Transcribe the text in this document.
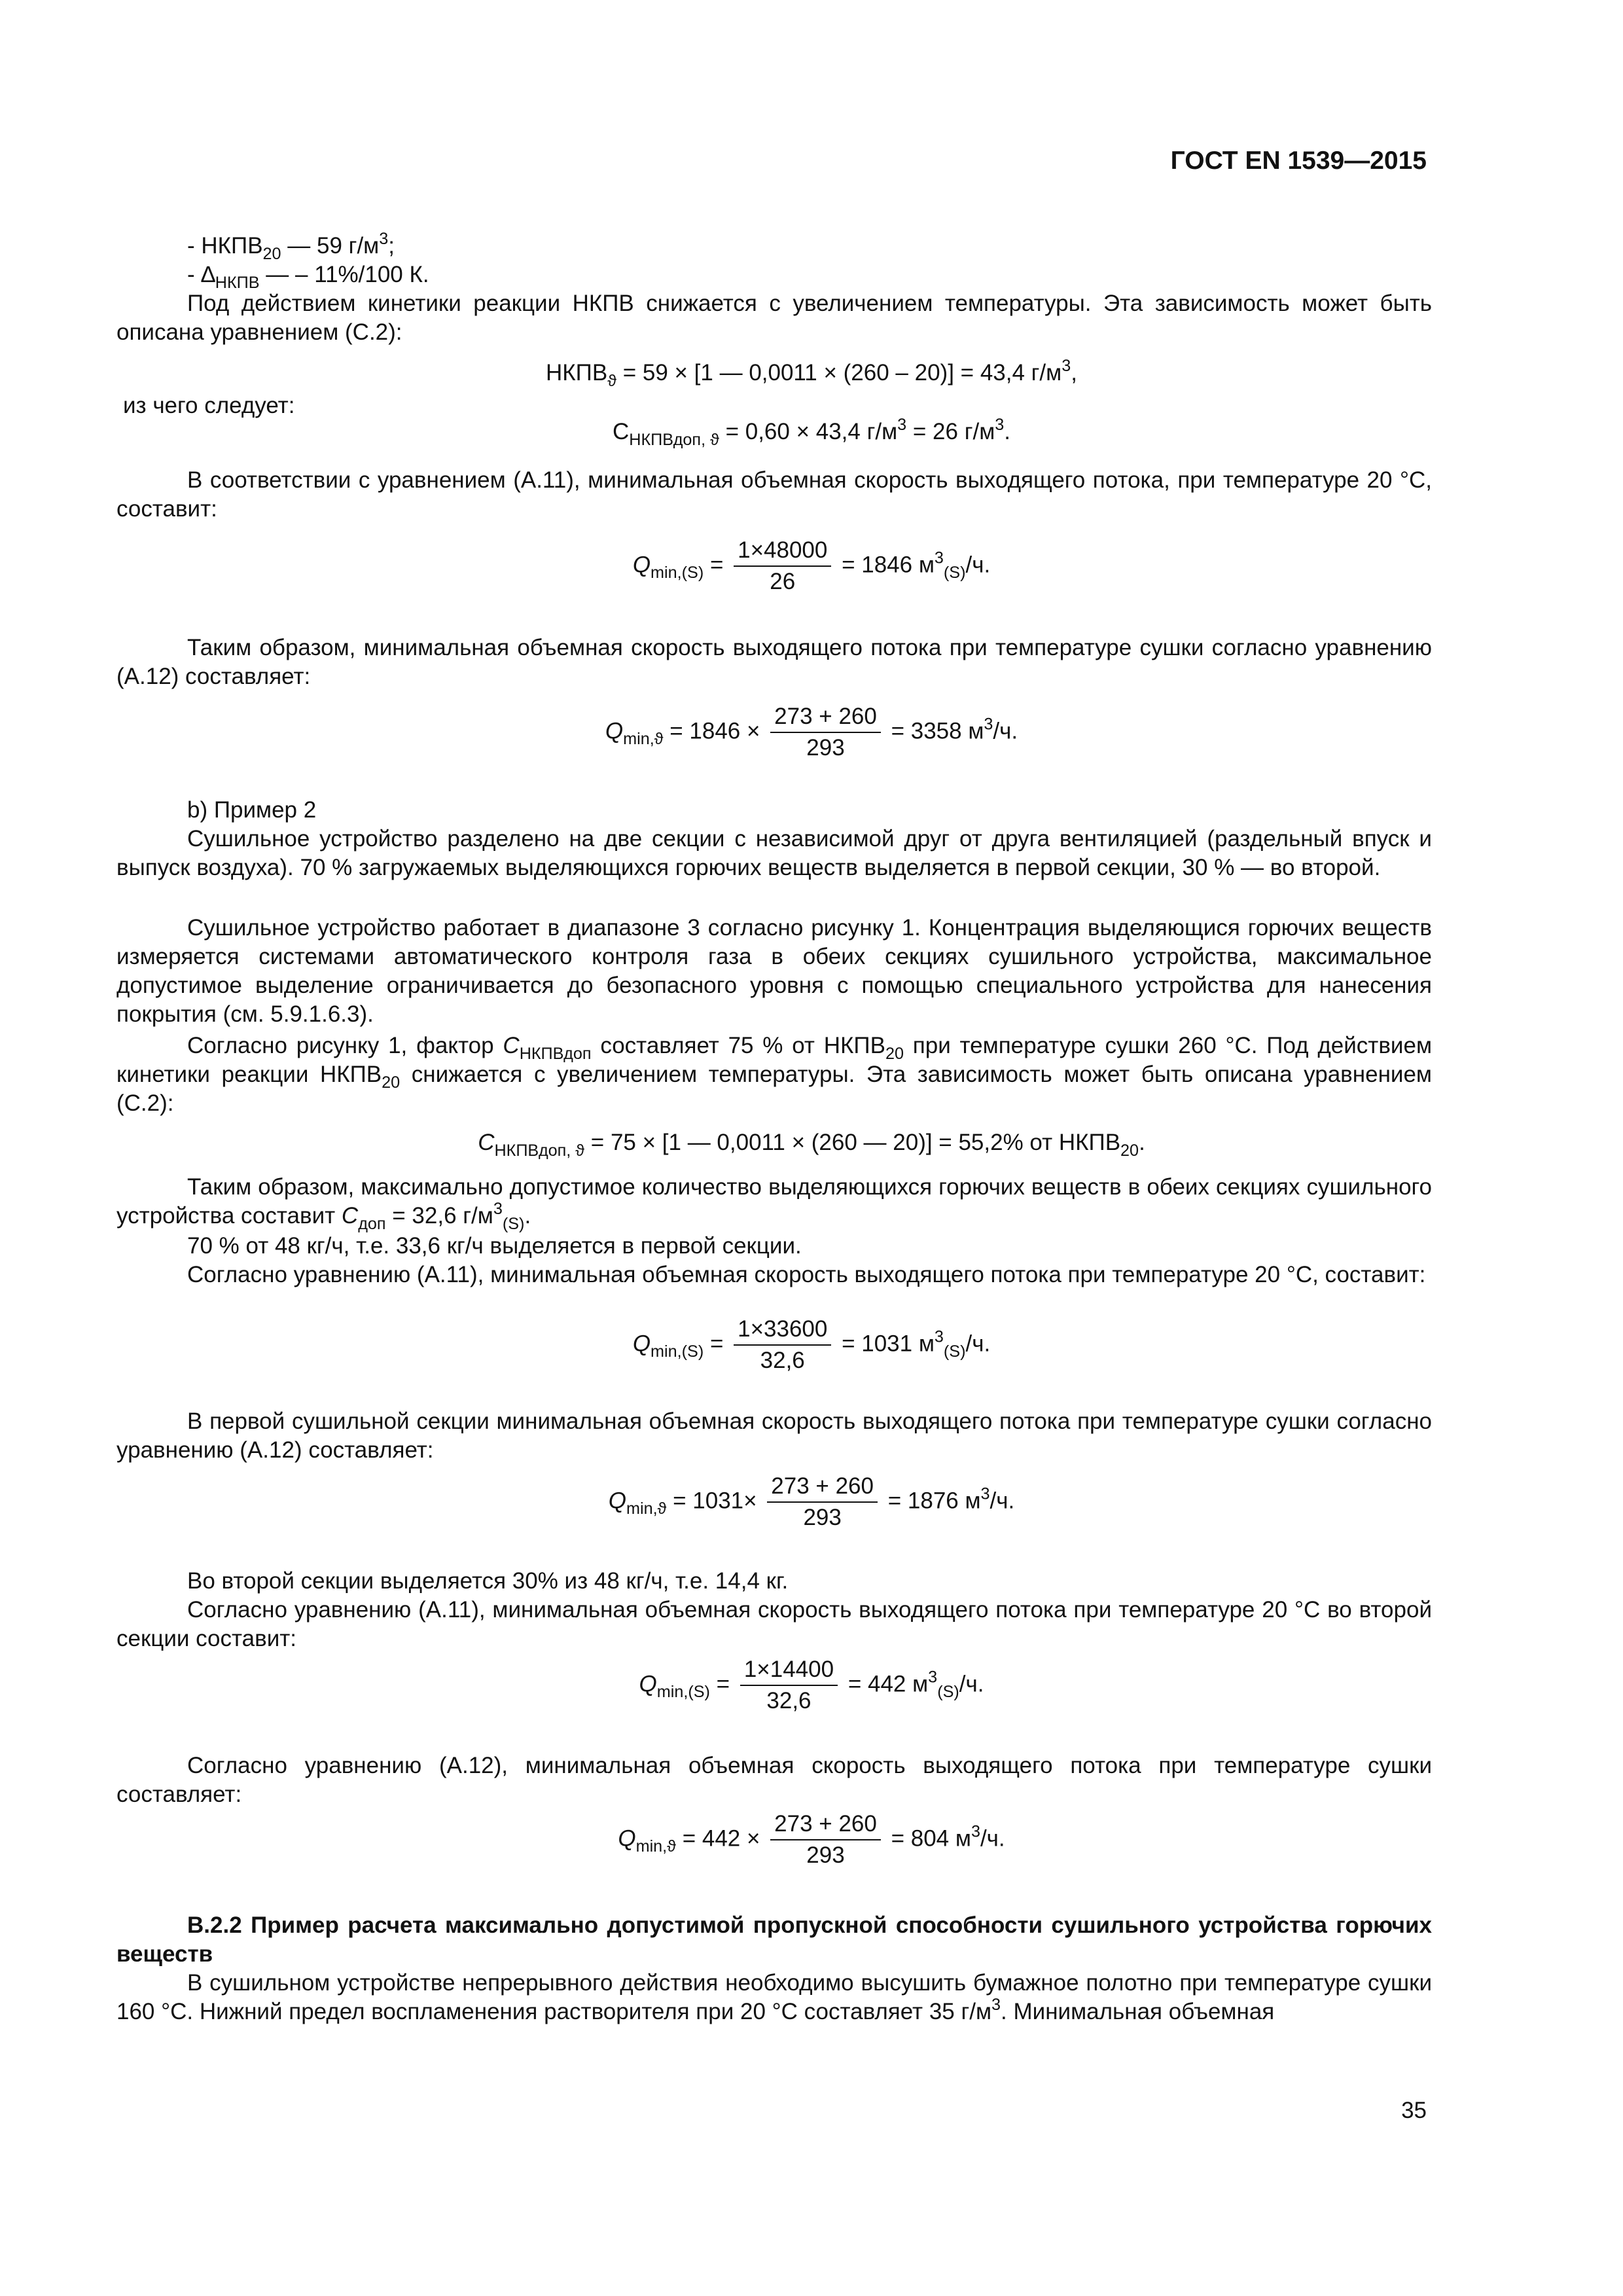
ГОСТ EN 1539—2015
- $НКПВ_{20}$ — 59 $г/м^3$;
- $\Delta_{НКПВ}$ — – 11%/100 К.
Под действием кинетики реакции НКПВ снижается с увеличением температуры. Эта зависимость может быть описана уравнением (С.2):
$НКПВ_ϑ = 59 \times [1$ — 0,0011 × (260 – 20)] = 43,4 $г/м^3$,
из чего следует:
$С_{НКПВдоп, ϑ} = 0,60 \times 43,4$ $г/м^3 = 26$ $г/м^3$.
В соответствии с уравнением (А.11), минимальная объемная скорость выходящего потока, при температуре 20 °С, составит:
$Q_{min,(S)} = \frac{1\times 48000}{26} = 1846$ $м^3_{(S)}/ч$.
Таким образом, минимальная объемная скорость выходящего потока при температуре сушки согласно уравнению (А.12) составляет:
$Q_{min,ϑ} = 1846 \times \frac{273 + 260}{293} = 3358$ $м^3/ч$.
b) Пример 2
Сушильное устройство разделено на две секции с независимой друг от друга вентиляцией (раздельный впуск и выпуск воздуха). 70 % загружаемых выделяющихся горючих веществ выделяется в первой секции, 30 % — во второй.
Сушильное устройство работает в диапазоне 3 согласно рисунку 1. Концентрация выделяющися горючих веществ измеряется системами автоматического контроля газа в обеих секциях сушильного устройства, максимальное допустимое выделение ограничивается до безопасного уровня с помощью специального устройства для нанесения покрытия (см. 5.9.1.6.3).
Согласно рисунку 1, фактор $С_{НКПВдоп}$ составляет 75 % от $НКПВ_{20}$ при температуре сушки 260 °С. Под действием кинетики реакции $НКПВ_{20}$ снижается с увеличением температуры. Эта зависимость может быть описана уравнением (С.2):
$С_{НКПВдоп, ϑ} = 75 \times [1$ — 0,0011 × (260 — 20)] = 55,2% от $НКПВ_{20}$.
Таким образом, максимально допустимое количество выделяющихся горючих веществ в обеих секциях сушильного устройства составит $С_{доп} = 32,6$ $г/м^3_{(S)}$.
70 % от 48 кг/ч, т.е. 33,6 кг/ч выделяется в первой секции.
Согласно уравнению (А.11), минимальная объемная скорость выходящего потока при температуре 20 °С, составит:
$Q_{min,(S)} = \frac{1\times 33600}{32,6} = 1031$ $м^3_{(S)}/ч$.
В первой сушильной секции минимальная объемная скорость выходящего потока при температуре сушки согласно уравнению (А.12) составляет:
$Q_{min,ϑ} = 1031\times \frac{273 + 260}{293} = 1876$ $м^3/ч$.
Во второй секции выделяется 30% из 48 кг/ч, т.е. 14,4 кг.
Согласно уравнению (А.11), минимальная объемная скорость выходящего потока при температуре 20 °С во второй секции составит:
$Q_{min,(S)} = \frac{1\times 14400}{32,6} = 442$ $м^3_{(S)}/ч$.
Согласно уравнению (А.12), минимальная объемная скорость выходящего потока при температуре сушки составляет:
$Q_{min,ϑ} = 442 \times \frac{273 + 260}{293} = 804$ $м^3/ч$.
В.2.2 Пример расчета максимально допустимой пропускной способности сушильного устройства горючих веществ
В сушильном устройстве непрерывного действия необходимо высушить бумажное полотно при температуре сушки 160 °С. Нижний предел воспламенения растворителя при 20 °С составляет 35 $г/м^3$. Минимальная объемная
35
